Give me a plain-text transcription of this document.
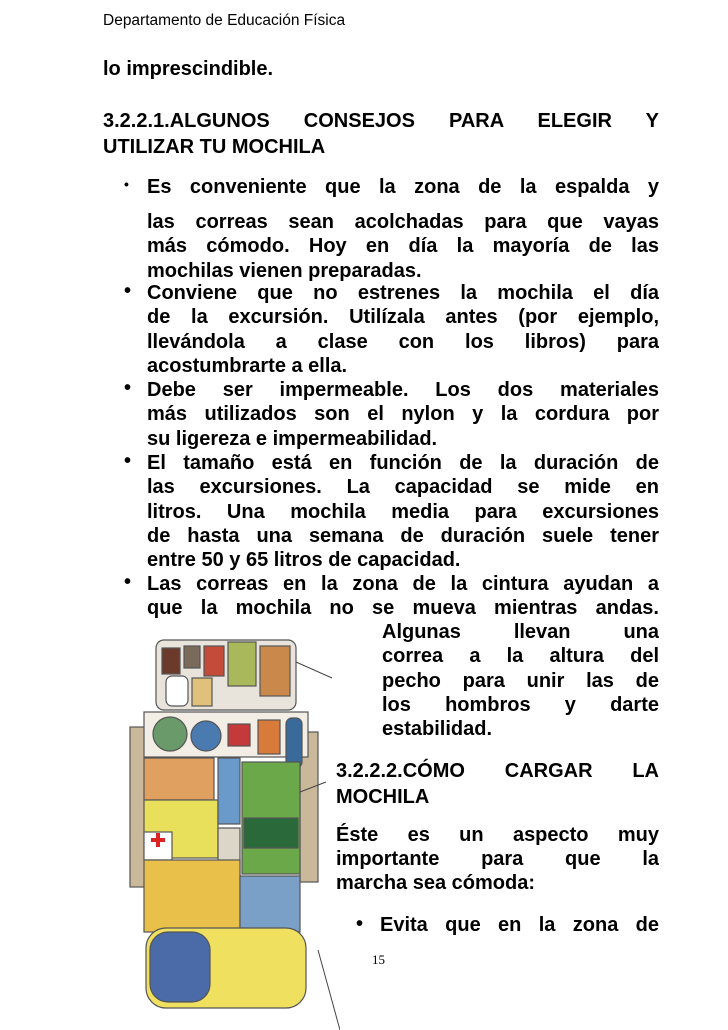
Departamento de Educación Física
lo imprescindible.
3.2.2.1.ALGUNOS CONSEJOS PARA ELEGIR Y
UTILIZAR TU MOCHILA
• Es conveniente que la zona de la espalda y
las correas sean acolchadas para que vayas
más cómodo. Hoy en día la mayoría de las
mochilas vienen preparadas.
• Conviene que no estrenes la mochila el día
de la excursión. Utilízala antes (por ejemplo,
llevándola a clase con los libros) para
acostumbrarte a ella.
• Debe ser impermeable. Los dos materiales
más utilizados son el nylon y la cordura por
su ligereza e impermeabilidad.
• El tamaño está en función de la duración de
las excursiones. La capacidad se mide en
litros. Una mochila media para excursiones
de hasta una semana de duración suele tener
entre 50 y 65 litros de capacidad.
• Las correas en la zona de la cintura ayudan a
que la mochila no se mueva mientras andas.
Algunas llevan una
correa a la altura del
pecho para unir las de
los hombros y darte
estabilidad.
3.2.2.2.CÓMO CARGAR LA
MOCHILA
Éste es un aspecto muy
importante para que la
marcha sea cómoda:
• Evita que en la zona de
15
